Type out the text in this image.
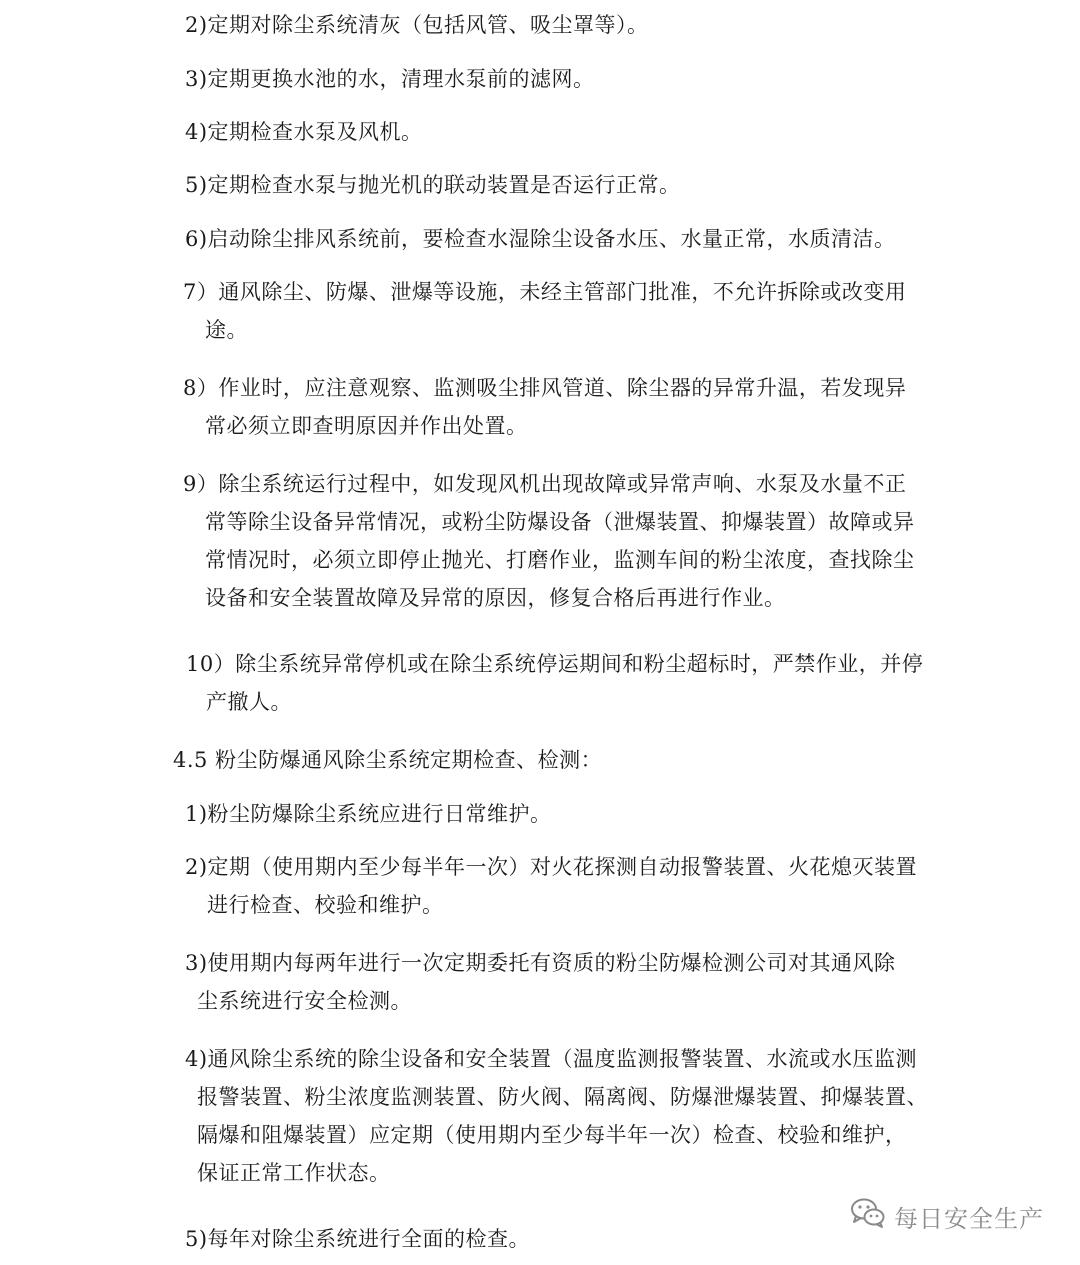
2)定期对除尘系统清灰（包括风管、吸尘罩等）。
3)定期更换水池的水，清理水泵前的滤网。
4)定期检查水泵及风机。
5)定期检查水泵与抛光机的联动装置是否运行正常。
6)启动除尘排风系统前，要检查水湿除尘设备水压、水量正常，水质清洁。
7）通风除尘、防爆、泄爆等设施，未经主管部门批准，不允许拆除或改变用
途。
8）作业时，应注意观察、监测吸尘排风管道、除尘器的异常升温，若发现异
常必须立即查明原因并作出处置。
9）除尘系统运行过程中，如发现风机出现故障或异常声响、水泵及水量不正
常等除尘设备异常情况，或粉尘防爆设备（泄爆装置、抑爆装置）故障或异
常情况时，必须立即停止抛光、打磨作业，监测车间的粉尘浓度，查找除尘
设备和安全装置故障及异常的原因，修复合格后再进行作业。
10）除尘系统异常停机或在除尘系统停运期间和粉尘超标时，严禁作业，并停
产撤人。
4.5 粉尘防爆通风除尘系统定期检查、检测：
1)粉尘防爆除尘系统应进行日常维护。
2)定期（使用期内至少每半年一次）对火花探测自动报警装置、火花熄灭装置
进行检查、校验和维护。
3)使用期内每两年进行一次定期委托有资质的粉尘防爆检测公司对其通风除
尘系统进行安全检测。
4)通风除尘系统的除尘设备和安全装置（温度监测报警装置、水流或水压监测
报警装置、粉尘浓度监测装置、防火阀、隔离阀、防爆泄爆装置、抑爆装置、
隔爆和阻爆装置）应定期（使用期内至少每半年一次）检查、校验和维护，
保证正常工作状态。
5)每年对除尘系统进行全面的检查。
每日安全生产
